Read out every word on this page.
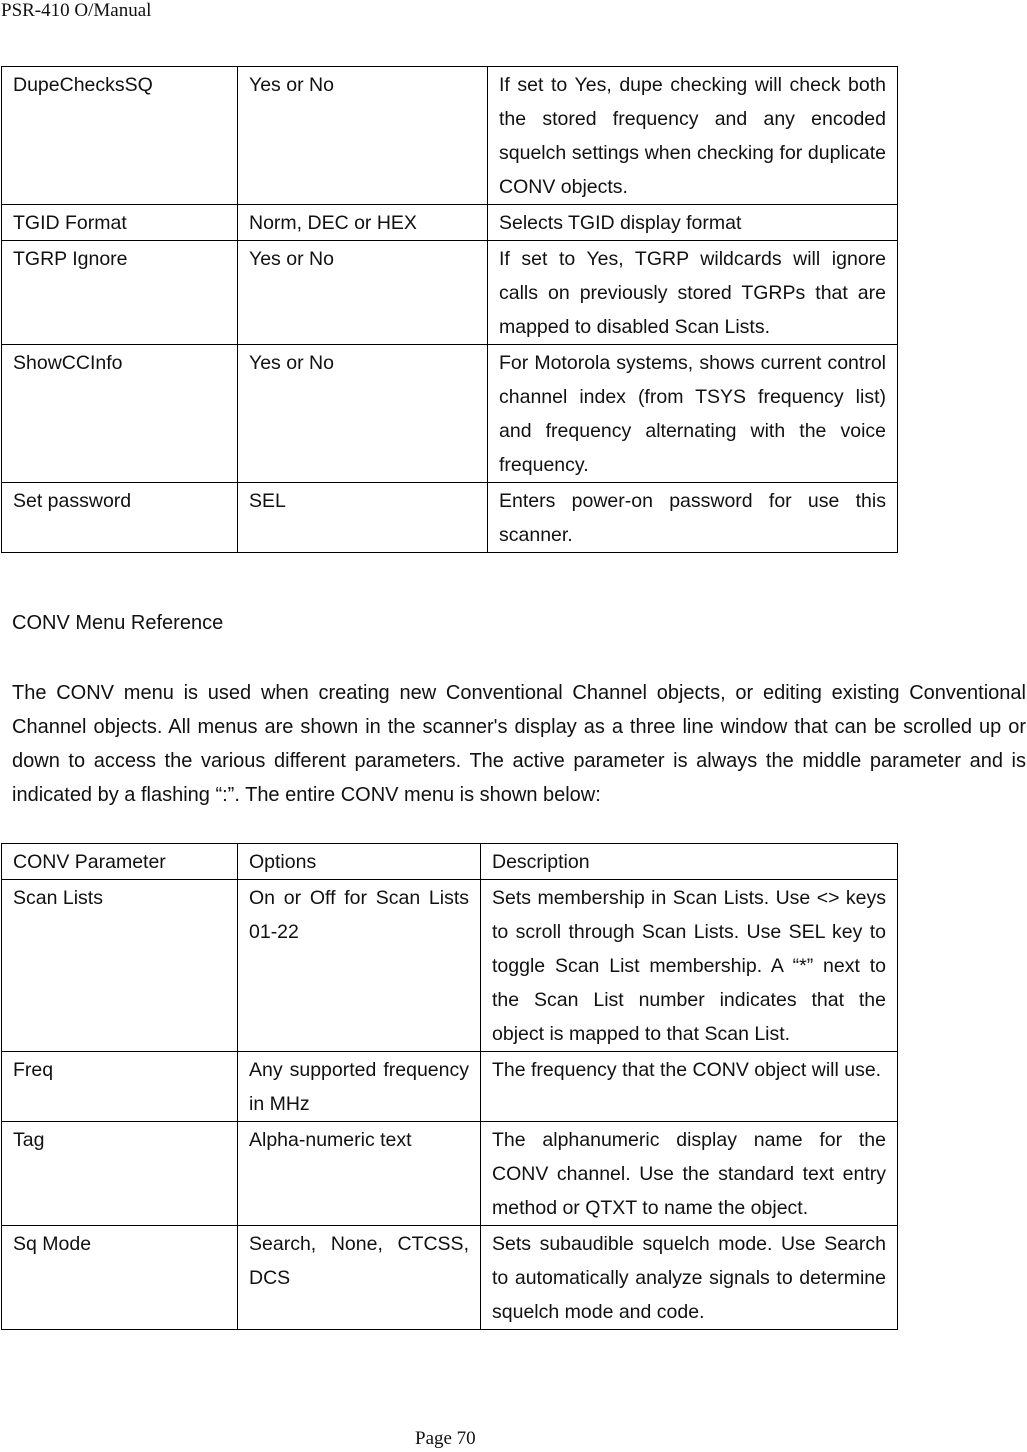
PSR-410 O/Manual
DupeChecksSQ	Yes or No	If set to Yes, dupe checking will check both the stored frequency and any encoded squelch settings when checking for duplicate CONV objects.
TGID Format	Norm, DEC or HEX	Selects TGID display format
TGRP Ignore	Yes or No	If set to Yes, TGRP wildcards will ignore calls on previously stored TGRPs that are mapped to disabled Scan Lists.
ShowCCInfo	Yes or No	For Motorola systems, shows current control channel index (from TSYS frequency list) and frequency alternating with the voice frequency.
Set password	SEL	Enters power-on password for use this scanner.
CONV Menu Reference

The CONV menu is used when creating new Conventional Channel objects, or editing existing Conventional Channel objects. All menus are shown in the scanner's display as a three line window that can be scrolled up or down to access the various different parameters. The active parameter is always the middle parameter and is indicated by a flashing “:”. The entire CONV menu is shown below:

CONV Parameter	Options	Description
Scan Lists	On or Off for Scan Lists 01-22	Sets membership in Scan Lists. Use <> keys to scroll through Scan Lists. Use SEL key to toggle Scan List membership. A “*” next to the Scan List number indicates that the object is mapped to that Scan List.
Freq	Any supported frequency in MHz	The frequency that the CONV object will use.
Tag	Alpha-numeric text	The alphanumeric display name for the CONV channel. Use the standard text entry method or QTXT to name the object.
Sq Mode	Search, None, CTCSS, DCS	Sets subaudible squelch mode. Use Search to automatically analyze signals to determine squelch mode and code.
Page 70
